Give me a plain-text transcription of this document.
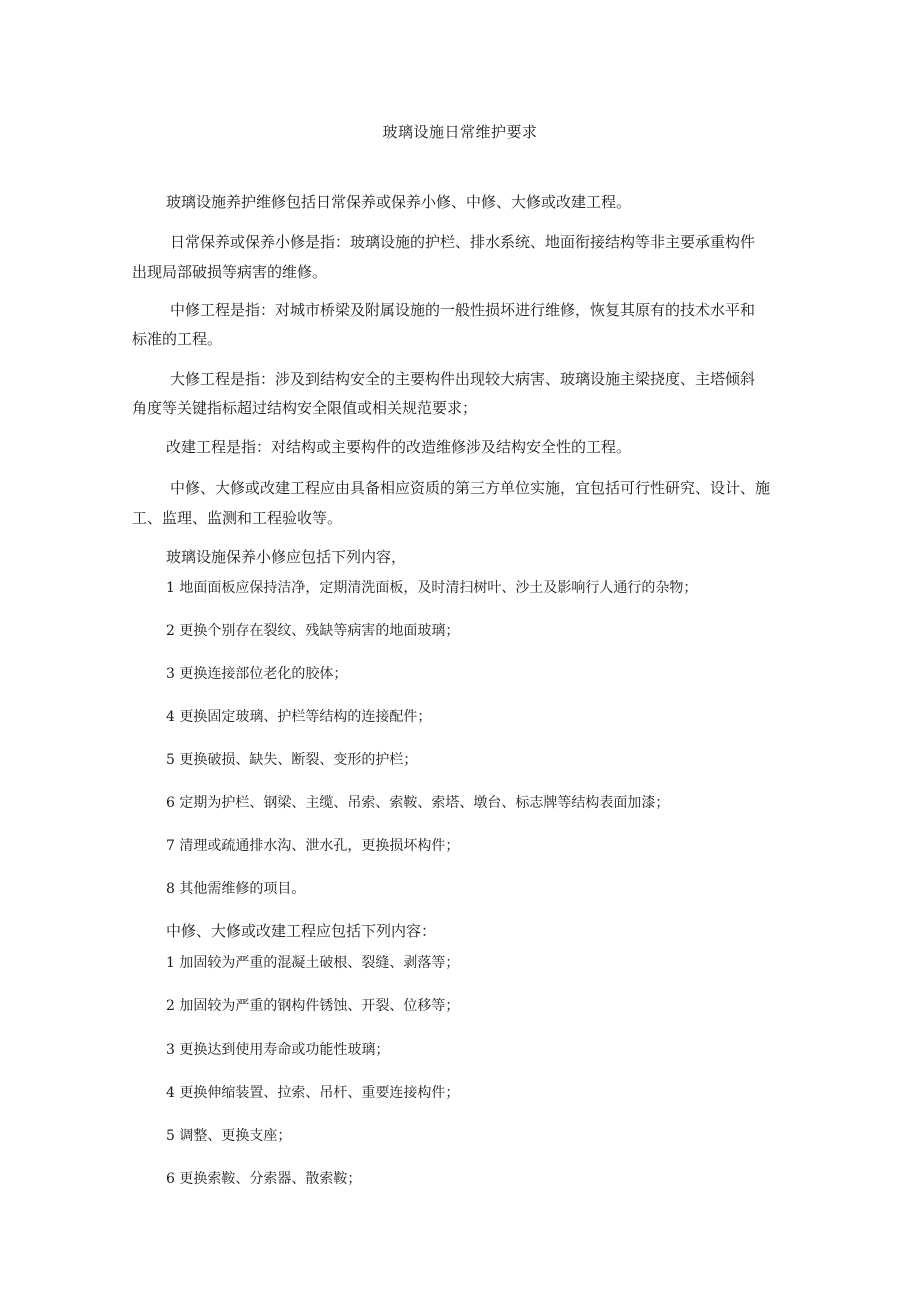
玻璃设施日常维护要求
玻璃设施养护维修包括日常保养或保养小修、中修、大修或改建工程。
日常保养或保养小修是指：玻璃设施的护栏、排水系统、地面衔接结构等非主要承重构件
出现局部破损等病害的维修。
中修工程是指：对城市桥梁及附属设施的一般性损坏进行维修，恢复其原有的技术水平和
标准的工程。
大修工程是指：涉及到结构安全的主要构件出现较大病害、玻璃设施主梁挠度、主塔倾斜
角度等关键指标超过结构安全限值或相关规范要求；
改建工程是指：对结构或主要构件的改造维修涉及结构安全性的工程。
中修、大修或改建工程应由具备相应资质的第三方单位实施，宜包括可行性研究、设计、施
工、监理、监测和工程验收等。
玻璃设施保养小修应包括下列内容，
1 地面面板应保持洁净，定期清洗面板，及时清扫树叶、沙土及影响行人通行的杂物；
2 更换个别存在裂纹、残缺等病害的地面玻璃；
3 更换连接部位老化的胶体；
4 更换固定玻璃、护栏等结构的连接配件；
5 更换破损、缺失、断裂、变形的护栏；
6 定期为护栏、钢梁、主缆、吊索、索鞍、索塔、墩台、标志牌等结构表面加漆；
7 清理或疏通排水沟、泄水孔，更换损坏构件；
8 其他需维修的项目。
中修、大修或改建工程应包括下列内容：
1 加固较为严重的混凝土破根、裂缝、剥落等；
2 加固较为严重的钢构件锈蚀、开裂、位移等；
3 更换达到使用寿命或功能性玻璃；
4 更换伸缩装置、拉索、吊杆、重要连接构件；
5 调整、更换支座；
6 更换索鞍、分索器、散索鞍；
